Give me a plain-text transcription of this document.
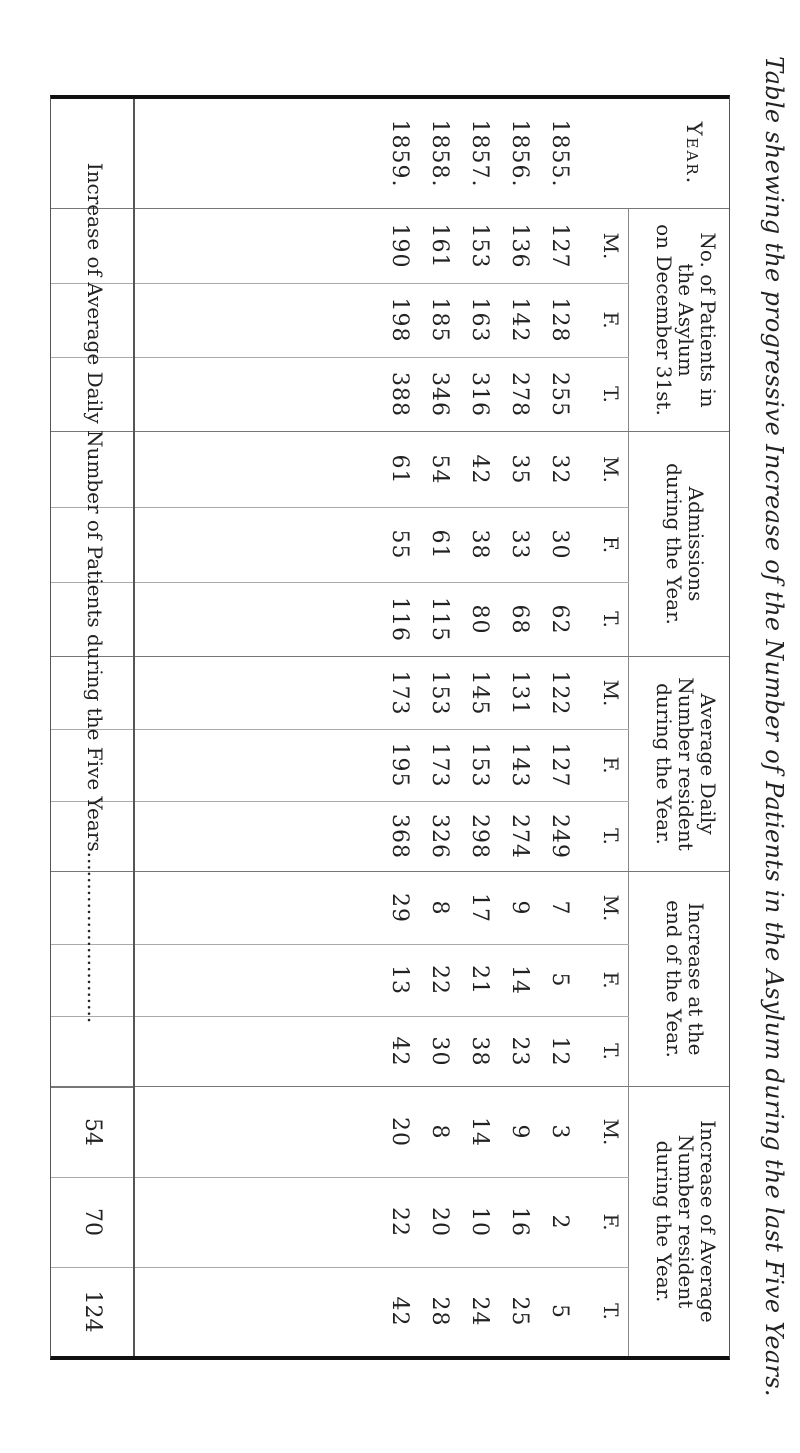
Table shewing the progressive Increase of the Number of Patients in the Asylum during the last Five Years.
Year.
1855.
1856.
1857.
1858.
1859.
No. of Patients in
the Asylum
on December 31st.
M.
F.
T.
127
128
255
136
142
278
153
163
316
161
185
346
190
198
388
Admissions
during the Year.
M.
F.
T.
32
30
62
35
33
68
42
38
80
54
61
115
61
55
116
Average Daily
Number resident
during the Year.
M.
F.
T.
122
127
249
131
143
274
145
153
298
153
173
326
173
195
368
Increase at the
end of the Year.
M.
F.
T.
7
5
12
9
14
23
17
21
38
8
22
30
29
13
42
Increase of Average
Number resident
during the Year.
M.
F.
T.
3
2
5
9
16
25
14
10
24
8
20
28
20
22
42
Increase of Average Daily Number of Patients during the Five Years...........................
54
70
124
